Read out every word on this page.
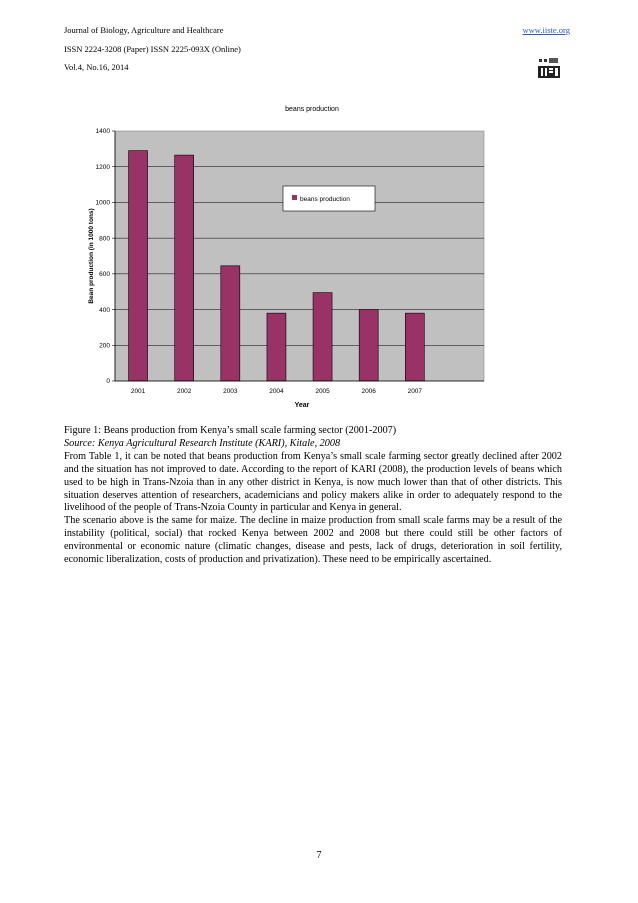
Journal of Biology, Agriculture and Healthcare
ISSN 2224-3208 (Paper) ISSN 2225-093X (Online)
Vol.4, No.16, 2014
www.iiste.org
0
200
400
600
800
1000
1200
1400
2001	2002	2003	2004	2005	2006	2007
beans production
Year
Bean production (in 1000 tons)
beans production

Figure 1: Beans production from Kenya’s small scale farming sector (2001-2007)

Source: Kenya Agricultural Research Institute (KARI), Kitale, 2008

From Table 1, it can be noted that beans production from Kenya’s small scale farming sector greatly declined after 2002 and the situation has not improved to date. According to the report of KARI (2008), the production levels of beans which used to be high in Trans-Nzoia than in any other district in Kenya, is now much lower than that of other districts. This situation deserves attention of researchers, academicians and policy makers alike in order to adequately respond to the livelihood of the people of Trans-Nzoia County in particular and Kenya in general.

The scenario above is the same for maize. The decline in maize production from small scale farms may be a result of the instability (political, social) that rocked Kenya between 2002 and 2008 but there could still be other factors of environmental or economic nature (climatic changes, disease and pests, lack of drugs, deterioration in soil fertility, economic liberalization, costs of production and privatization). These need to be empirically ascertained.

7
